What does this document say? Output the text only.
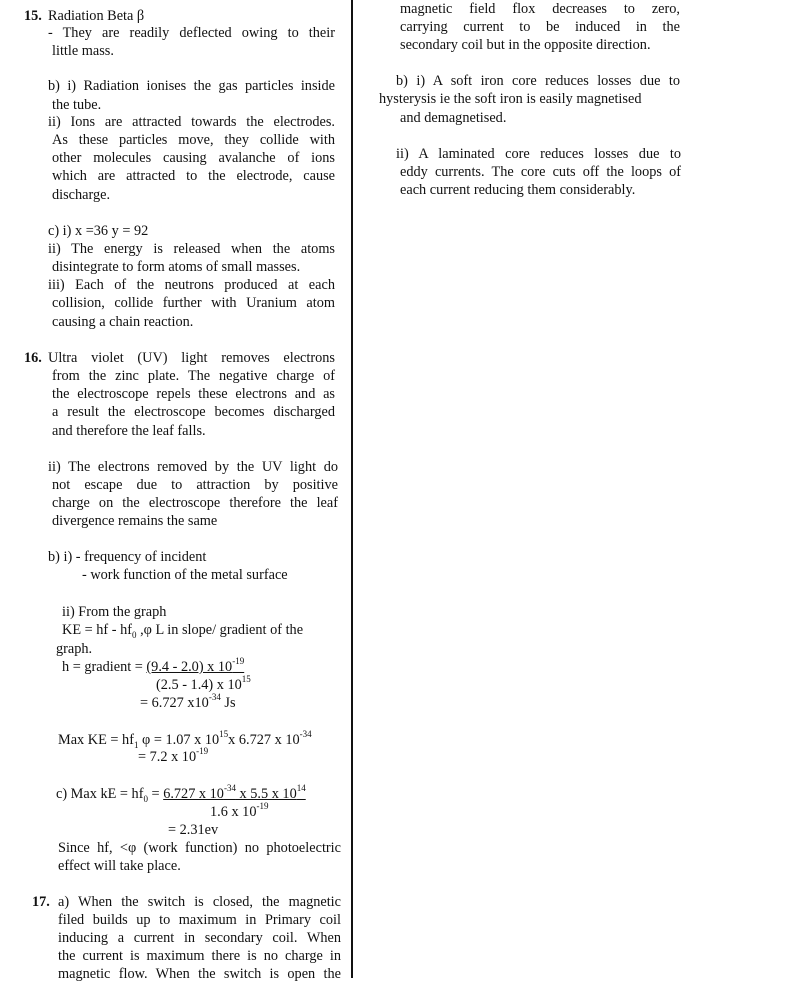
15. Radiation Beta β
- They are readily deflected owing to their
little mass.
b) i) Radiation ionises the gas particles inside
the tube.
ii) Ions are attracted towards the electrodes.
As these particles move, they collide with
other molecules causing avalanche of ions
which are attracted to the electrode, cause
discharge.
c) i) x =36 y = 92
ii) The energy is released when the atoms
disintegrate to form atoms of small masses.
iii) Each of the neutrons produced at each
collision, collide further with Uranium atom
causing a chain reaction.
16. Ultra violet (UV) light removes electrons
from the zinc plate. The negative charge of
the electroscope repels these electrons and as
a result the electroscope becomes discharged
and therefore the leaf falls.
ii) The electrons removed by the UV light do
not escape due to attraction by positive
charge on the electroscope therefore the leaf
divergence remains the same
b) i) - frequency of incident
- work function of the metal surface
ii) From the graph
KE = hf - $hf_0$ ,φ L in slope/ gradient of the
graph.
h = gradient = (9.4 - 2.0) x $10^{-19}$
(2.5 - 1.4) x $10^{15}$
= 6.727 $x10^{-34}$ Js
Max KE = $hf_1$ φ = 1.07 x $10^{15}x$ 6.727 x $10^{-34}$
= 7.2 x $10^{-19}$
c) Max kE = $hf_0 = 6.727$ x $10^{-34}$ x 5.5 x $10^{14}$
1.6 x $10^{-19}$
= 2.31ev
Since hf, <φ (work function) no photoelectric
effect will take place.
17. a) When the switch is closed, the magnetic
filed builds up to maximum in Primary coil
inducing a current in secondary coil. When
the current is maximum there is no charge in
magnetic flow. When the switch is open the
magnetic field flox decreases to zero,
carrying current to be induced in the
secondary coil but in the opposite direction.
b) i) A soft iron core reduces losses due to
hysterysis ie the soft iron is easily magnetised
and demagnetised.
ii) A laminated core reduces losses due to
eddy currents. The core cuts off the loops of
each current reducing them considerably.
